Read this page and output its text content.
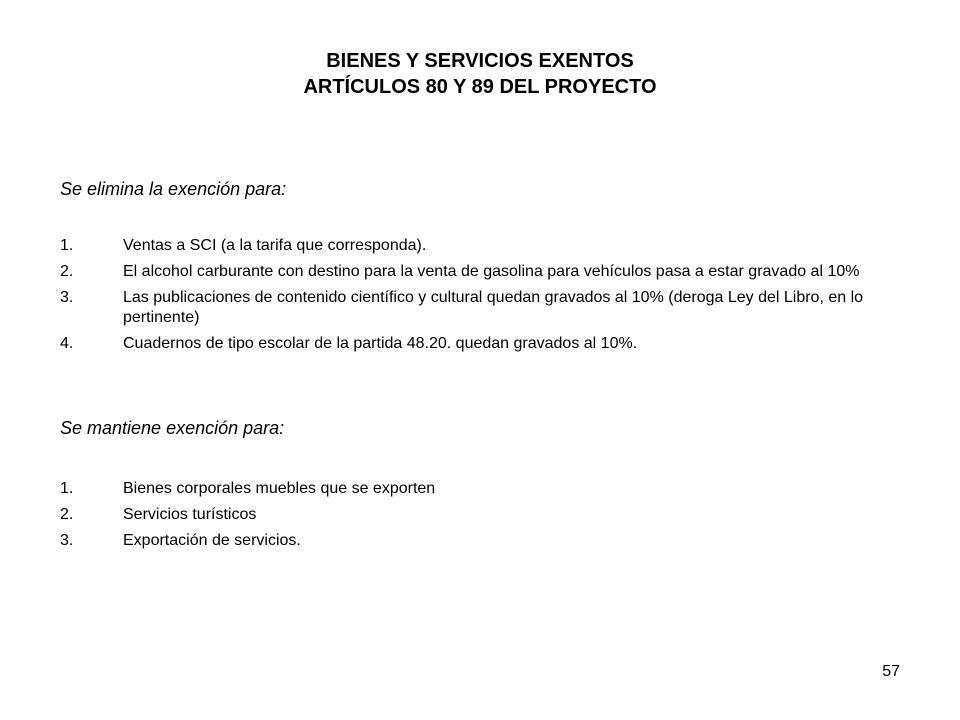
BIENES Y SERVICIOS EXENTOS
ARTÍCULOS 80 Y 89 DEL PROYECTO
Se elimina la exención para:
1.	Ventas a SCI (a la tarifa que corresponda).
2.	El alcohol carburante con destino para la venta de gasolina para vehículos pasa a estar gravado al 10%
3.	Las publicaciones de contenido científico y cultural quedan gravados al 10% (deroga Ley del Libro, en lo pertinente)
4.	Cuadernos de tipo escolar de la partida 48.20. quedan gravados al 10%.
Se mantiene exención para:
1.	Bienes corporales muebles que se exporten
2.	Servicios turísticos
3.	Exportación de servicios.
57
